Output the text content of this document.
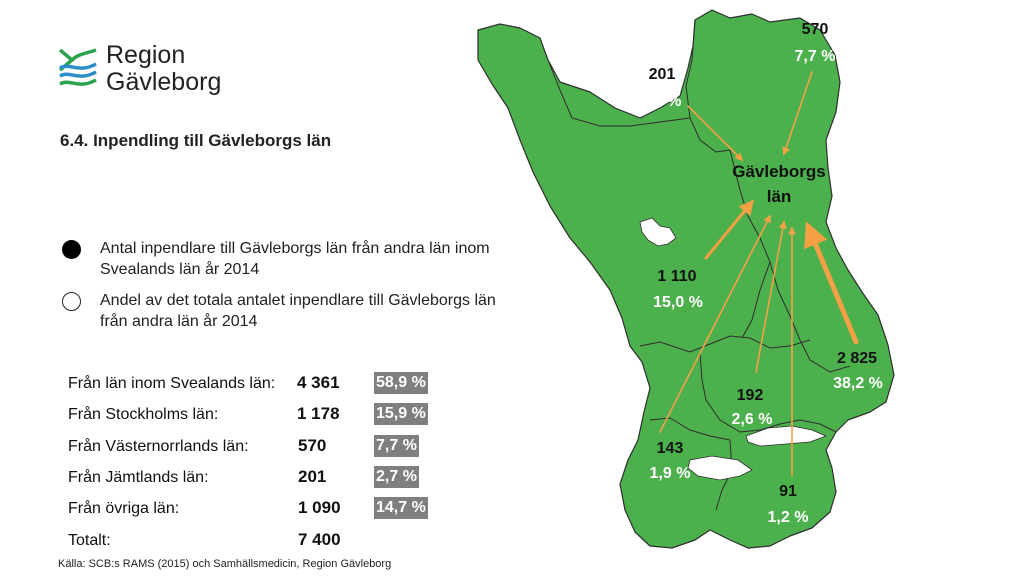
Region
Gävleborg
6.4. Inpendling till Gävleborgs län
Antal inpendlare till Gävleborgs län från andra län inom Svealands län år 2014
Andel av det totala antalet inpendlare till Gävleborgs län från andra län år 2014
Från län inom Svealands län: 4 361 58,9 %
Från Stockholms län:	1 178 15,9 %
Från Västernorrlands län:	570	7,7 %
Från Jämtlands län:	201	2,7 %
Från övriga län:	1 090 14,7 %
Totalt:	7 400
Källa: SCB:s RAMS (2015) och Samhällsmedicin, Region Gävleborg
Gävleborgs
län
570
7,7 %
201
2,7 %
1 110
15,0 %
2 825
38,2 %
192
2,6 %
143
1,9 %
91
1,2 %
